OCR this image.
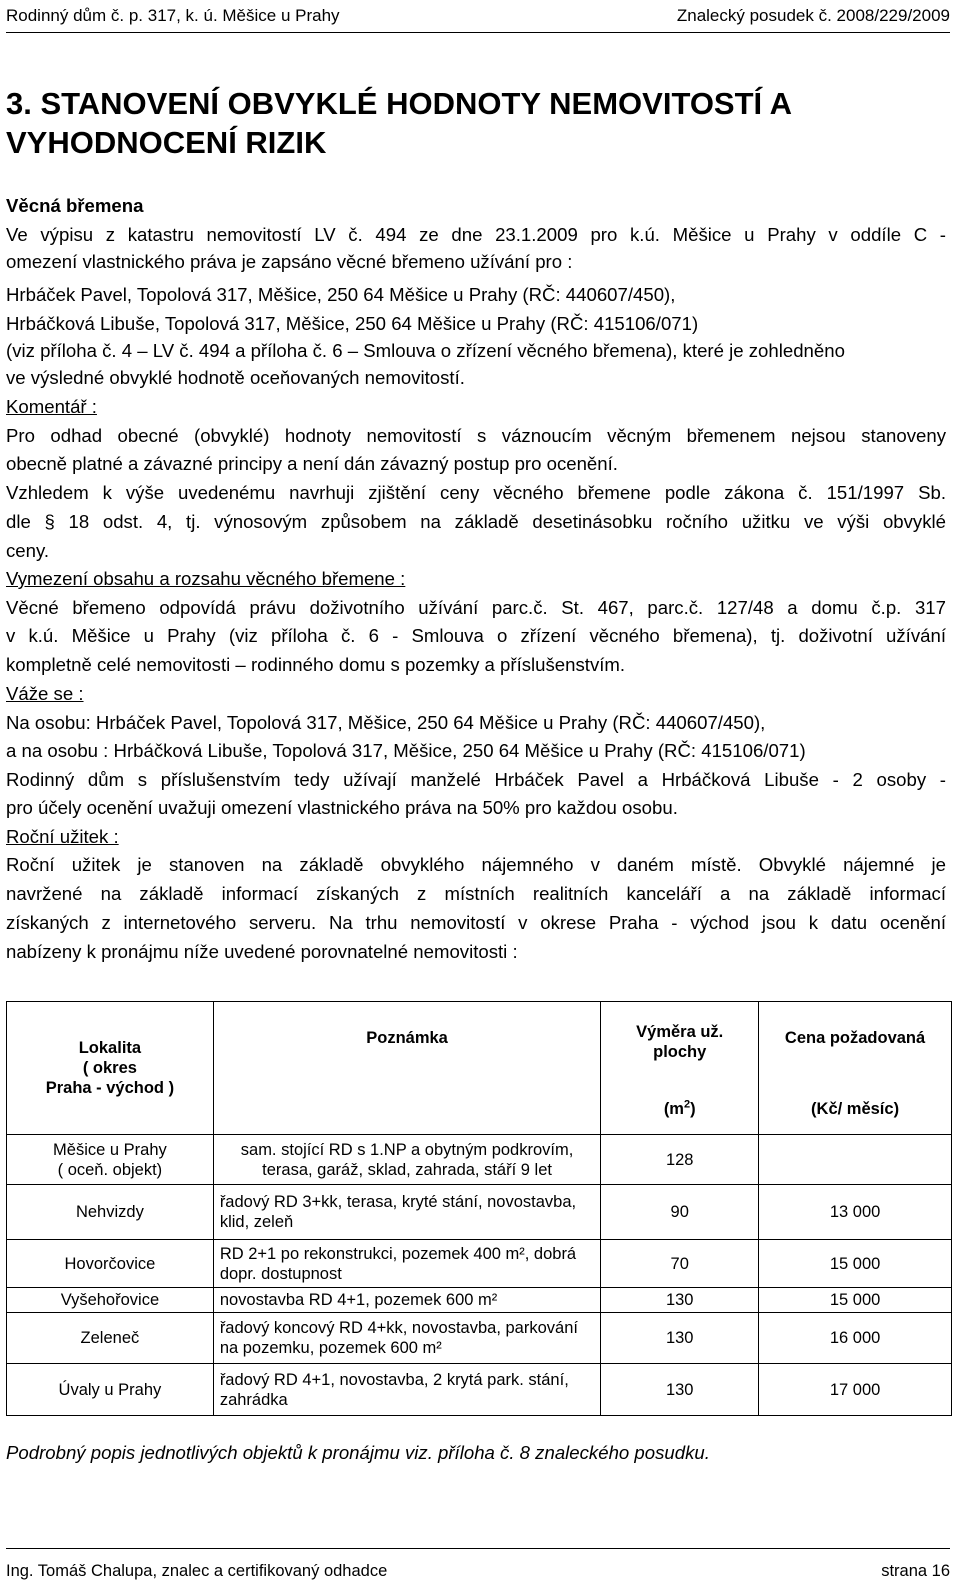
Rodinný dům č. p. 317, k. ú. Měšice u Prahy	Znalecký posudek č. 2008/229/2009
3. STANOVENÍ OBVYKLÉ HODNOTY NEMOVITOSTÍ A
VYHODNOCENÍ RIZIK
Věcná břemena
Ve výpisu z katastru nemovitostí LV č. 494 ze dne 23.1.2009 pro k.ú. Měšice u Prahy v oddíle C -
omezení vlastnického práva je zapsáno věcné břemeno užívání pro :
Hrbáček Pavel, Topolová 317, Měšice, 250 64 Měšice u Prahy (RČ: 440607/450),
Hrbáčková Libuše, Topolová 317, Měšice, 250 64 Měšice u Prahy (RČ: 415106/071)
(viz příloha č. 4 – LV č. 494 a příloha č. 6 – Smlouva o zřízení věcného břemena), které je zohledněno
ve výsledné obvyklé hodnotě oceňovaných nemovitostí.
Komentář :
Pro odhad obecné (obvyklé) hodnoty nemovitostí s váznoucím věcným břemenem nejsou stanoveny
obecně platné a závazné principy a není dán závazný postup pro ocenění.
Vzhledem k výše uvedenému navrhuji zjištění ceny věcného břemene podle zákona č. 151/1997 Sb.
dle § 18 odst. 4, tj. výnosovým způsobem na základě desetinásobku ročního užitku ve výši obvyklé
ceny.
Vymezení obsahu a rozsahu věcného břemene :
Věcné břemeno odpovídá právu doživotního užívání parc.č. St. 467, parc.č. 127/48 a domu č.p. 317
v k.ú. Měšice u Prahy (viz příloha č. 6 - Smlouva o zřízení věcného břemena), tj. doživotní užívání
kompletně celé nemovitosti – rodinného domu s pozemky a příslušenstvím.
Váže se :
Na osobu: Hrbáček Pavel, Topolová 317, Měšice, 250 64 Měšice u Prahy (RČ: 440607/450),
a na osobu : Hrbáčková Libuše, Topolová 317, Měšice, 250 64 Měšice u Prahy (RČ: 415106/071)
Rodinný dům s příslušenstvím tedy užívají manželé Hrbáček Pavel a Hrbáčková Libuše - 2 osoby -
pro účely ocenění uvažuji omezení vlastnického práva na 50% pro každou osobu.
Roční užitek :
Roční užitek je stanoven na základě obvyklého nájemného v daném místě. Obvyklé nájemné je
navržené na základě informací získaných z místních realitních kanceláří a na základě informací
získaných z internetového serveru. Na trhu nemovitostí v okrese Praha - východ jsou k datu ocenění
nabízeny k pronájmu níže uvedené porovnatelné nemovitosti :
Lokalita
( okres
Praha - východ )	Poznámka	Výměra už.
plochy	Cena požadovaná
		$(m^2)$	(Kč/ měsíc)
Měšice u Prahy
( oceň. objekt)	sam. stojící RD s 1.NP a obytným podkrovím,
terasa, garáž, sklad, zahrada, stáří 9 let	128	
Nehvizdy	řadový RD 3+kk, terasa, kryté stání, novostavba,
klid, zeleň	90	13 000
Hovorčovice	RD 2+1 po rekonstrukci, pozemek 400 m², dobrá
dopr. dostupnost	70	15 000
Vyšehořovice	novostavba RD 4+1, pozemek 600 m²	130	15 000
Zeleneč	řadový koncový RD 4+kk, novostavba, parkování
na pozemku, pozemek 600 m²	130	16 000
Úvaly u Prahy	řadový RD 4+1, novostavba, 2 krytá park. stání,
zahrádka	130	17 000
Podrobný popis jednotlivých objektů k pronájmu viz. příloha č. 8 znaleckého posudku.
Ing. Tomáš Chalupa, znalec a certifikovaný odhadce	strana 16
